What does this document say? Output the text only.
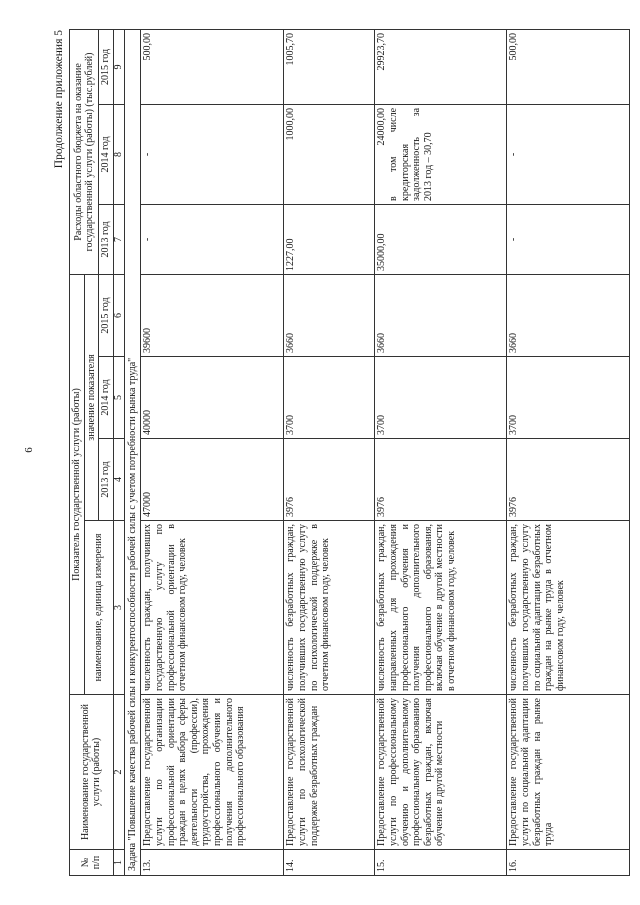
6
Продолжение приложения 5
№ п/п	Наименование государственной услуги (работы)	Показатель государственной услуги (работы)				Расходы областного бюджета на оказание государственной услуги (работы) (тыс.рублей)		
		наименование, единица измерения	значение показателя					
			2013 год	2014 год	2015 год	2013 год	2014 год	2015 год
1	2	3	4	5	6	7	8	9
Задача "Повышение качества рабочей силы и конкурентоспособности рабочей силы с учетом потребности рынка труда"								
13.	Предоставление государственной услуги по организации профессиональной ориентации граждан в целях выбора сферы деятельности (профессии), трудоустройства, прохождения профессионального обучения и получения дополнительного профессионального образования	численность граждан, получивших государственную услугу по профессиональной ориентации в отчетном финансовом году, человек	47000	40000	39600	-	-	500,00
14.	Предоставление государственной услуги по психологической поддержке безработных граждан	численность безработных граждан, получивших государственную услугу по психологической поддержке в отчетном финансовом году, человек	3976	3700	3660	1227,00	1000,00	1005,70
15.	Предоставление государственной услуги по профессиональному обучению и дополнительному профессиональному образованию безработных граждан, включая обучение в другой местности	численность безработных граждан, направленных для прохождения профессионального обучения и получения дополнительного профессионального образования, включая обучение в другой местности в отчетном финансовом году, человек	3976	3700	3660	35000,00	24000,00 в том числе кредиторская задолженность за 2013 год – 30,70	29923,70
16.	Предоставление государственной услуги по социальной адаптации безработных граждан на рынке труда	численность безработных граждан, получивших государственную услугу по социальной адаптации безработных граждан на рынке труда в отчетном финансовом году, человек	3976	3700	3660	-	-	500,00
